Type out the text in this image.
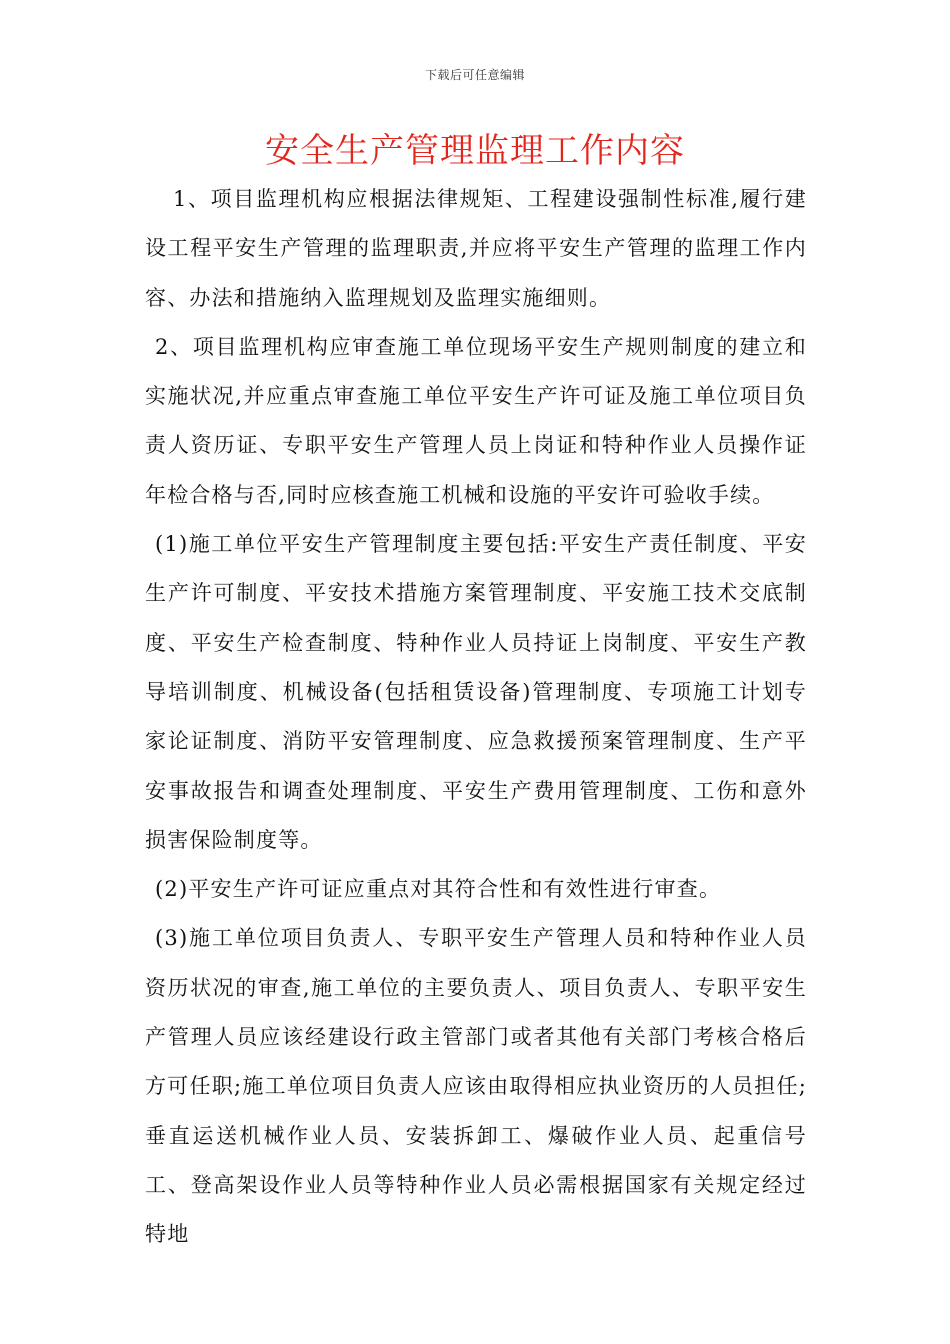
下载后可任意编辑
安全生产管理监理工作内容

1、项目监理机构应根据法律规矩、工程建设强制性标准,履行建设工程平安生产管理的监理职责,并应将平安生产管理的监理工作内容、办法和措施纳入监理规划及监理实施细则。

2、项目监理机构应审查施工单位现场平安生产规则制度的建立和实施状况,并应重点审查施工单位平安生产许可证及施工单位项目负责人资历证、专职平安生产管理人员上岗证和特种作业人员操作证年检合格与否,同时应核查施工机械和设施的平安许可验收手续。

(1)施工单位平安生产管理制度主要包括:平安生产责任制度、平安生产许可制度、平安技术措施方案管理制度、平安施工技术交底制度、平安生产检查制度、特种作业人员持证上岗制度、平安生产教导培训制度、机械设备(包括租赁设备)管理制度、专项施工计划专家论证制度、消防平安管理制度、应急救援预案管理制度、生产平安事故报告和调查处理制度、平安生产费用管理制度、工伤和意外损害保险制度等。

(2)平安生产许可证应重点对其符合性和有效性进行审查。

(3)施工单位项目负责人、专职平安生产管理人员和特种作业人员资历状况的审查,施工单位的主要负责人、项目负责人、专职平安生产管理人员应该经建设行政主管部门或者其他有关部门考核合格后方可任职;施工单位项目负责人应该由取得相应执业资历的人员担任;垂直运送机械作业人员、安装拆卸工、爆破作业人员、起重信号工、登高架设作业人员等特种作业人员必需根据国家有关规定经过特地
